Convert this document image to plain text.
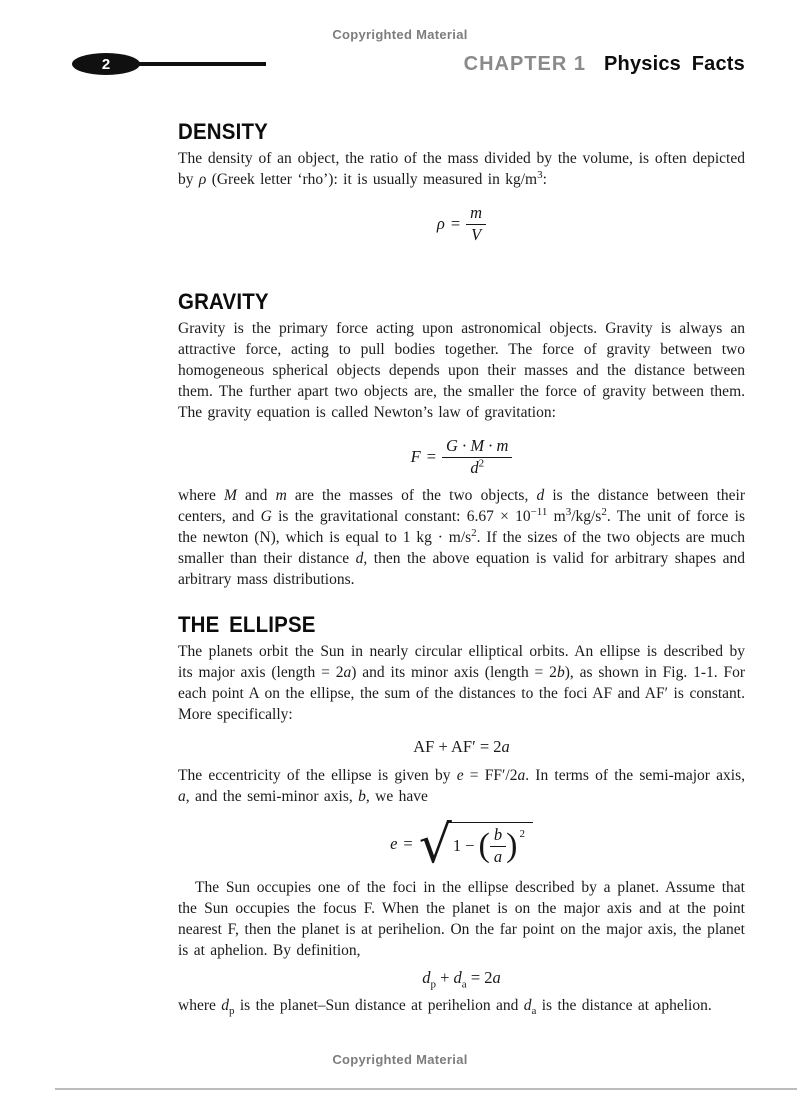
Copyrighted Material
2	CHAPTER 1 Physics Facts
DENSITY

The density of an object, the ratio of the mass divided by the volume, is often depicted by ρ (Greek letter ‘rho’): it is usually measured in $kg/m^3$:

$\rho = \frac{m}{V}$
GRAVITY

Gravity is the primary force acting upon astronomical objects. Gravity is always an attractive force, acting to pull bodies together. The force of gravity between two homogeneous spherical objects depends upon their masses and the distance between them. The further apart two objects are, the smaller the force of gravity between them. The gravity equation is called Newton’s law of gravitation:

$F = \frac{G \cdot M \cdot m}{d^2}$

where M and m are the masses of the two objects, d is the distance between their centers, and G is the gravitational constant: $6.67 \times 10^{-11}$ $m^3/kg/s^2$. The unit of force is the newton (N), which is equal to 1 kg · $m/s^2$. If the sizes of the two objects are much smaller than their distance d, then the above equation is valid for arbitrary shapes and arbitrary mass distributions.

THE ELLIPSE

The planets orbit the Sun in nearly circular elliptical orbits. An ellipse is described by its major axis (length = 2a) and its minor axis (length = 2b), as shown in Fig. 1-1. For each point A on the ellipse, the sum of the distances to the foci AF and AF′ is constant. More specifically:

AF + AF′ = 2a

The eccentricity of the ellipse is given by e = FF′/2a. In terms of the semi-major axis, a, and the semi-minor axis, b, we have

e = √ 1 − ( $\frac{b}{a}$ ) 2

The Sun occupies one of the foci in the ellipse described by a planet. Assume that the Sun occupies the focus F. When the planet is on the major axis and at the point nearest F, then the planet is at perihelion. On the far point on the major axis, the planet is at aphelion. By definition,

$d_p + d_a = 2a$

where $d_p$ is the planet–Sun distance at perihelion and $d_a$ is the distance at aphelion.

Copyrighted Material
